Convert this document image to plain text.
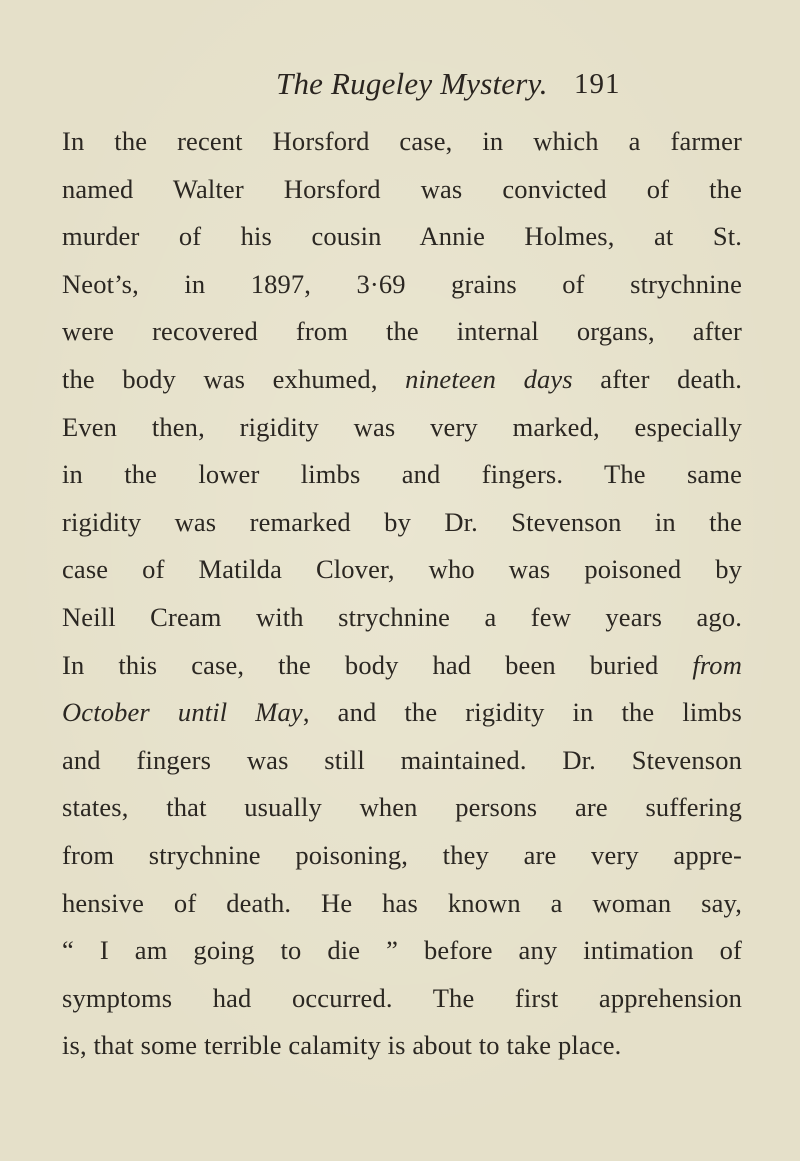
The Rugeley Mystery. 191
In the recent Horsford case, in which a farmer
named Walter Horsford was convicted of the
murder of his cousin Annie Holmes, at St.
Neot’s, in 1897, 3·69 grains of strychnine
were recovered from the internal organs, after
the body was exhumed, nineteen days after death.
Even then, rigidity was very marked, especially
in the lower limbs and fingers. The same
rigidity was remarked by Dr. Stevenson in the
case of Matilda Clover, who was poisoned by
Neill Cream with strychnine a few years ago.
In this case, the body had been buried from
October until May, and the rigidity in the limbs
and fingers was still maintained. Dr. Stevenson
states, that usually when persons are suffering
from strychnine poisoning, they are very appre-
hensive of death. He has known a woman say,
“ I am going to die ” before any intimation of
symptoms had occurred. The first apprehension
is, that some terrible calamity is about to take place.
